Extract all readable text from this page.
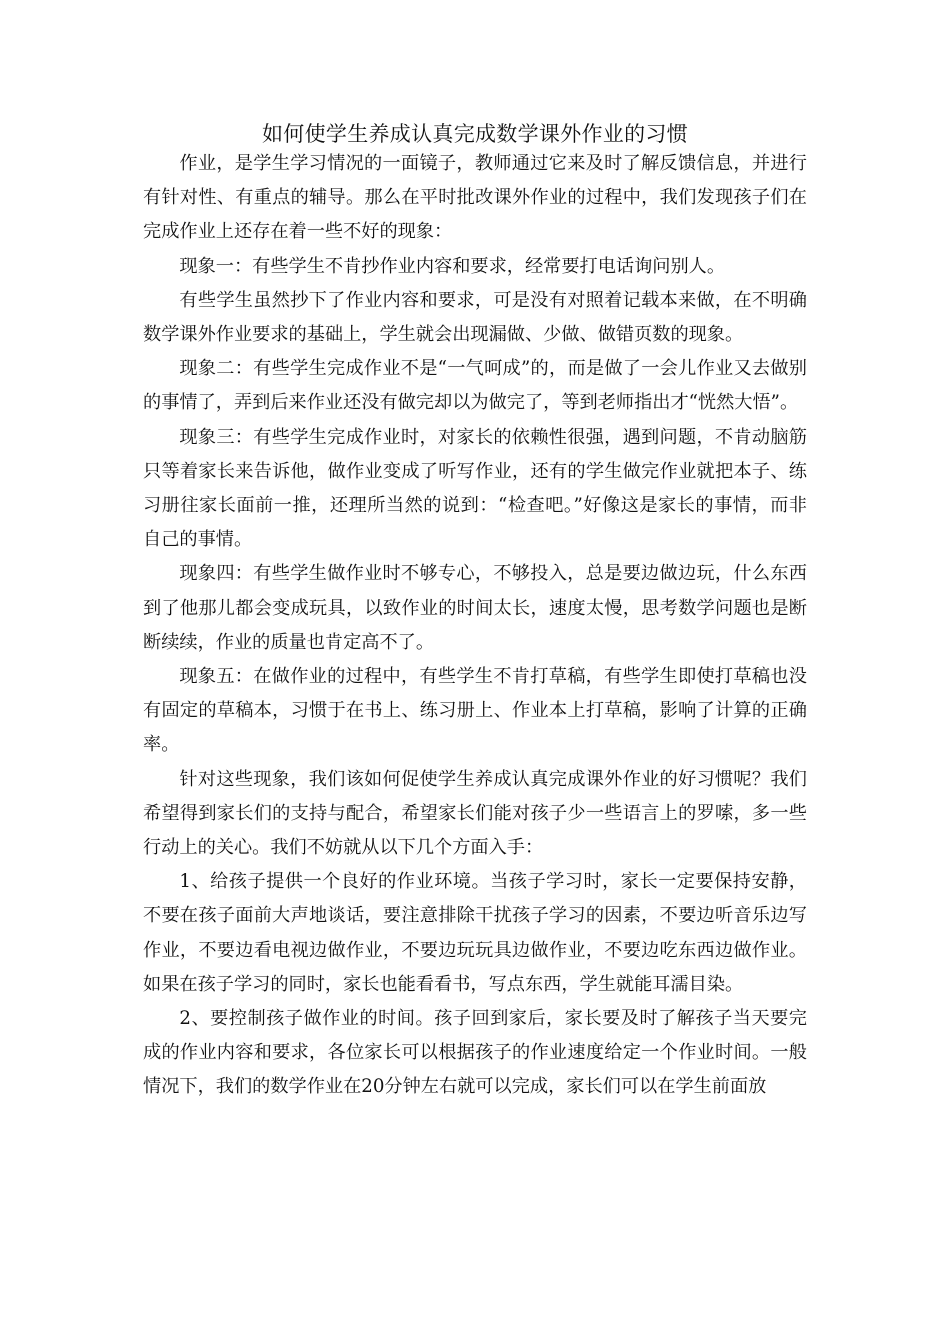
如何使学生养成认真完成数学课外作业的习惯

作业，是学生学习情况的一面镜子，教师通过它来及时了解反馈信息，并进行有针对性、有重点的辅导。那么在平时批改课外作业的过程中，我们发现孩子们在完成作业上还存在着一些不好的现象：

现象一：有些学生不肯抄作业内容和要求，经常要打电话询问别人。

有些学生虽然抄下了作业内容和要求，可是没有对照着记载本来做，在不明确数学课外作业要求的基础上，学生就会出现漏做、少做、做错页数的现象。

现象二：有些学生完成作业不是“一气呵成”的，而是做了一会儿作业又去做别的事情了，弄到后来作业还没有做完却以为做完了，等到老师指出才“恍然大悟”。

现象三：有些学生完成作业时，对家长的依赖性很强，遇到问题，不肯动脑筋只等着家长来告诉他，做作业变成了听写作业，还有的学生做完作业就把本子、练习册往家长面前一推，还理所当然的说到：“检查吧。”好像这是家长的事情，而非自己的事情。

现象四：有些学生做作业时不够专心，不够投入，总是要边做边玩，什么东西到了他那儿都会变成玩具，以致作业的时间太长，速度太慢，思考数学问题也是断断续续，作业的质量也肯定高不了。

现象五：在做作业的过程中，有些学生不肯打草稿，有些学生即使打草稿也没有固定的草稿本，习惯于在书上、练习册上、作业本上打草稿，影响了计算的正确率。

针对这些现象，我们该如何促使学生养成认真完成课外作业的好习惯呢？我们希望得到家长们的支持与配合，希望家长们能对孩子少一些语言上的罗嗦，多一些行动上的关心。我们不妨就从以下几个方面入手：

1、给孩子提供一个良好的作业环境。当孩子学习时，家长一定要保持安静，不要在孩子面前大声地谈话，要注意排除干扰孩子学习的因素，不要边听音乐边写作业，不要边看电视边做作业，不要边玩玩具边做作业，不要边吃东西边做作业。如果在孩子学习的同时，家长也能看看书，写点东西，学生就能耳濡目染。

2、要控制孩子做作业的时间。孩子回到家后，家长要及时了解孩子当天要完成的作业内容和要求，各位家长可以根据孩子的作业速度给定一个作业时间。一般情况下，我们的数学作业在20分钟左右就可以完成，家长们可以在学生前面放
